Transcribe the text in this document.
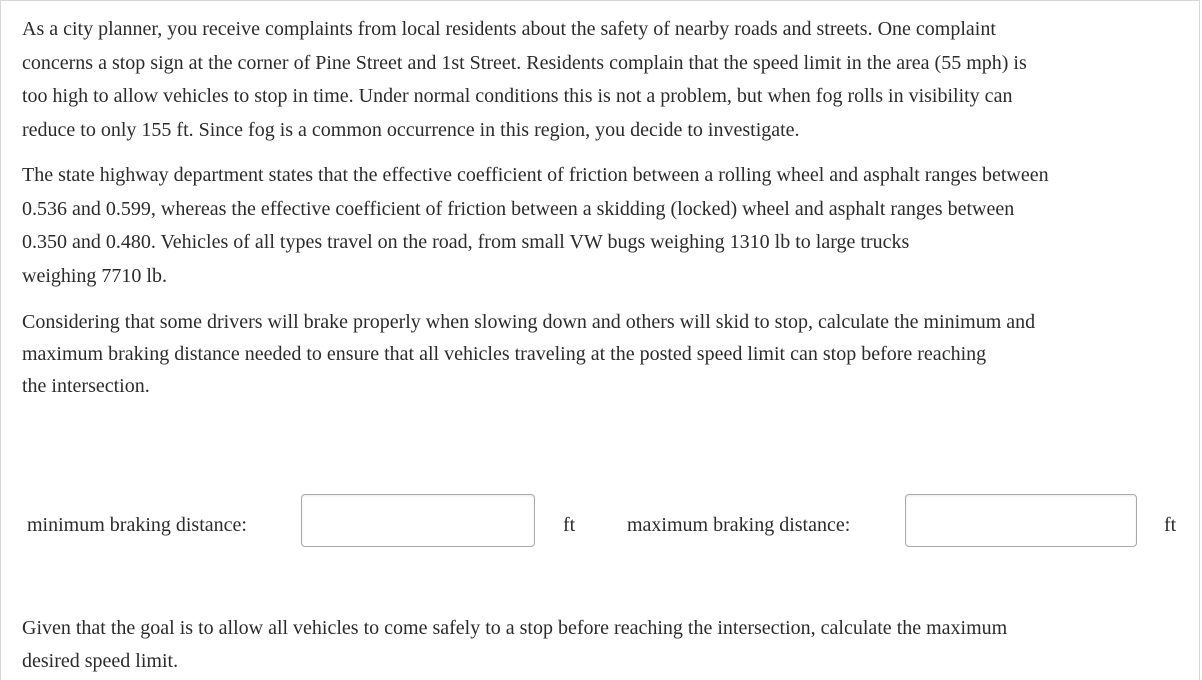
As a city planner, you receive complaints from local residents about the safety of nearby roads and streets. One complaint
concerns a stop sign at the corner of Pine Street and 1st Street. Residents complain that the speed limit in the area (55 mph) is
too high to allow vehicles to stop in time. Under normal conditions this is not a problem, but when fog rolls in visibility can
reduce to only 155 ft. Since fog is a common occurrence in this region, you decide to investigate.

The state highway department states that the effective coefficient of friction between a rolling wheel and asphalt ranges between
0.536 and 0.599, whereas the effective coefficient of friction between a skidding (locked) wheel and asphalt ranges between
0.350 and 0.480. Vehicles of all types travel on the road, from small VW bugs weighing 1310 lb to large trucks
weighing 7710 lb.

Considering that some drivers will brake properly when slowing down and others will skid to stop, calculate the minimum and
maximum braking distance needed to ensure that all vehicles traveling at the posted speed limit can stop before reaching
the intersection.

minimum braking distance:	ft	maximum braking distance:	ft

Given that the goal is to allow all vehicles to come safely to a stop before reaching the intersection, calculate the maximum
desired speed limit.
